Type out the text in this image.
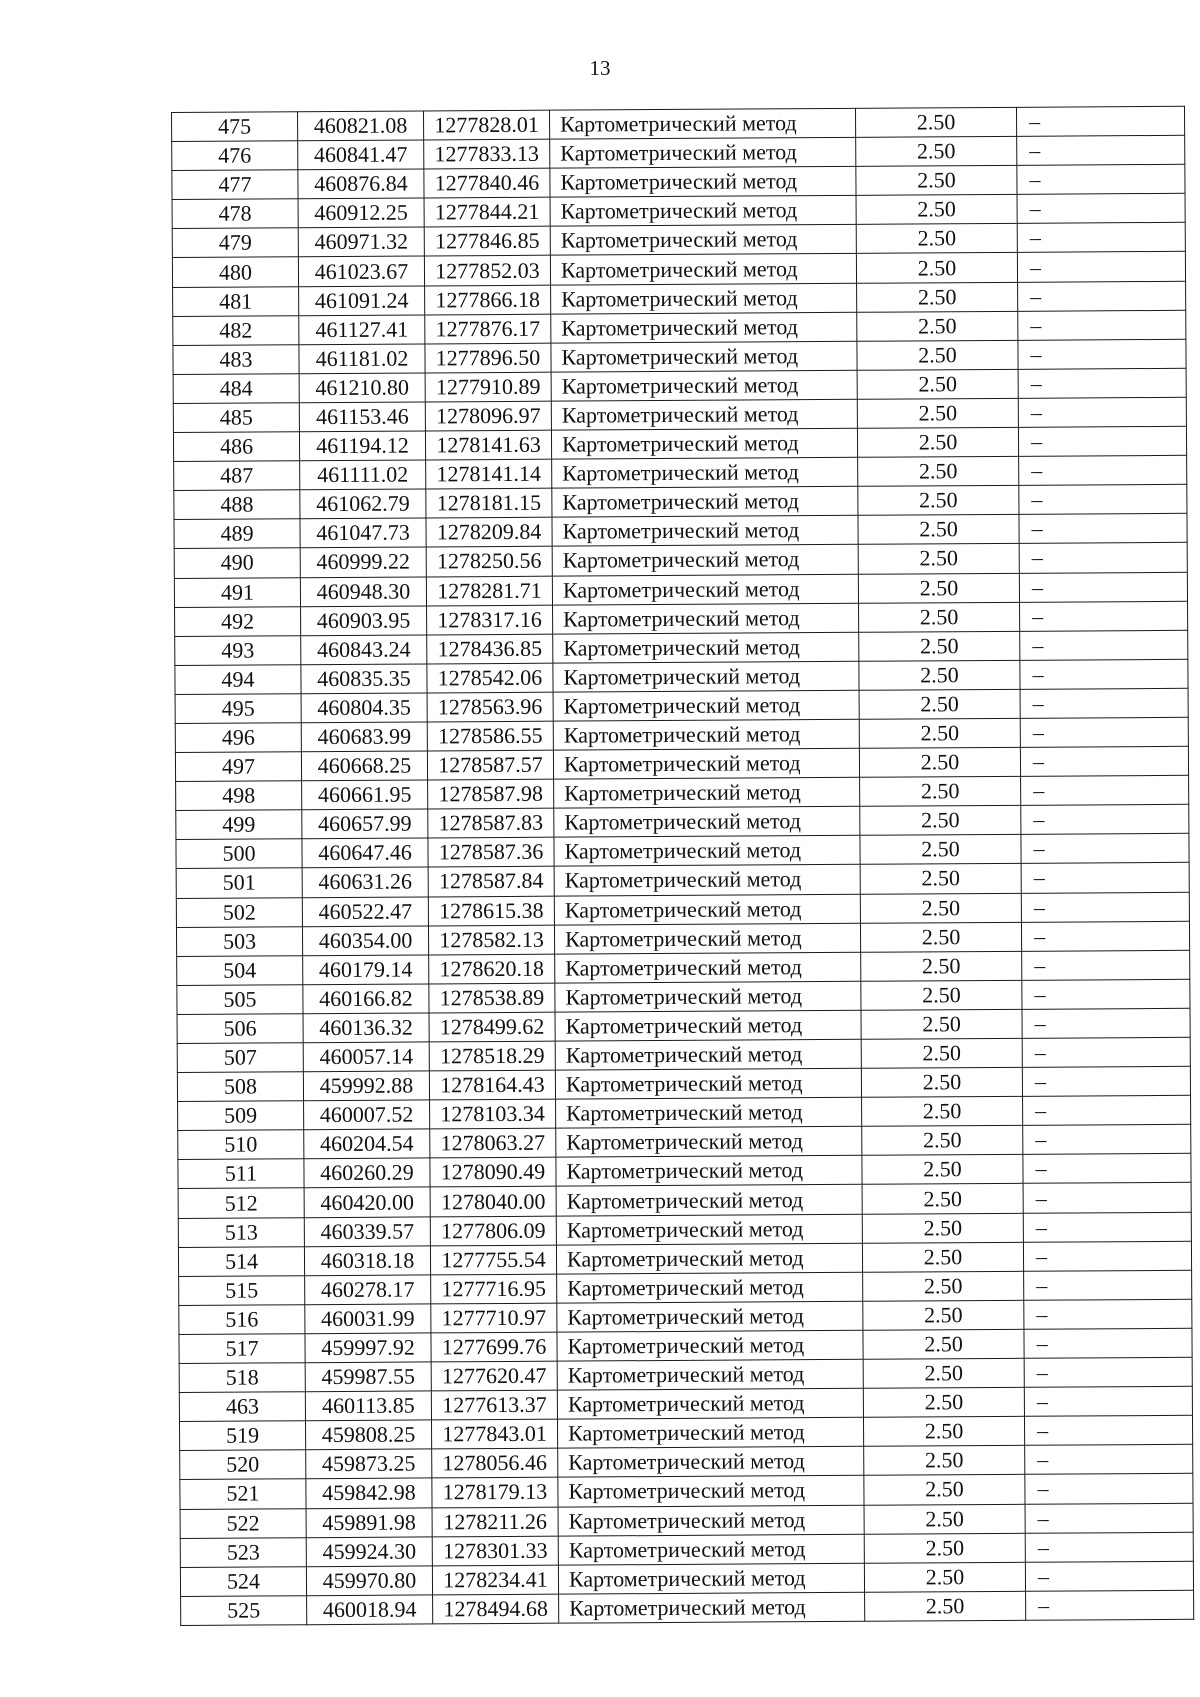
13
475	460821.08	1277828.01	Картометрический метод	2.50	–
476	460841.47	1277833.13	Картометрический метод	2.50	–
477	460876.84	1277840.46	Картометрический метод	2.50	–
478	460912.25	1277844.21	Картометрический метод	2.50	–
479	460971.32	1277846.85	Картометрический метод	2.50	–
480	461023.67	1277852.03	Картометрический метод	2.50	–
481	461091.24	1277866.18	Картометрический метод	2.50	–
482	461127.41	1277876.17	Картометрический метод	2.50	–
483	461181.02	1277896.50	Картометрический метод	2.50	–
484	461210.80	1277910.89	Картометрический метод	2.50	–
485	461153.46	1278096.97	Картометрический метод	2.50	–
486	461194.12	1278141.63	Картометрический метод	2.50	–
487	461111.02	1278141.14	Картометрический метод	2.50	–
488	461062.79	1278181.15	Картометрический метод	2.50	–
489	461047.73	1278209.84	Картометрический метод	2.50	–
490	460999.22	1278250.56	Картометрический метод	2.50	–
491	460948.30	1278281.71	Картометрический метод	2.50	–
492	460903.95	1278317.16	Картометрический метод	2.50	–
493	460843.24	1278436.85	Картометрический метод	2.50	–
494	460835.35	1278542.06	Картометрический метод	2.50	–
495	460804.35	1278563.96	Картометрический метод	2.50	–
496	460683.99	1278586.55	Картометрический метод	2.50	–
497	460668.25	1278587.57	Картометрический метод	2.50	–
498	460661.95	1278587.98	Картометрический метод	2.50	–
499	460657.99	1278587.83	Картометрический метод	2.50	–
500	460647.46	1278587.36	Картометрический метод	2.50	–
501	460631.26	1278587.84	Картометрический метод	2.50	–
502	460522.47	1278615.38	Картометрический метод	2.50	–
503	460354.00	1278582.13	Картометрический метод	2.50	–
504	460179.14	1278620.18	Картометрический метод	2.50	–
505	460166.82	1278538.89	Картометрический метод	2.50	–
506	460136.32	1278499.62	Картометрический метод	2.50	–
507	460057.14	1278518.29	Картометрический метод	2.50	–
508	459992.88	1278164.43	Картометрический метод	2.50	–
509	460007.52	1278103.34	Картометрический метод	2.50	–
510	460204.54	1278063.27	Картометрический метод	2.50	–
511	460260.29	1278090.49	Картометрический метод	2.50	–
512	460420.00	1278040.00	Картометрический метод	2.50	–
513	460339.57	1277806.09	Картометрический метод	2.50	–
514	460318.18	1277755.54	Картометрический метод	2.50	–
515	460278.17	1277716.95	Картометрический метод	2.50	–
516	460031.99	1277710.97	Картометрический метод	2.50	–
517	459997.92	1277699.76	Картометрический метод	2.50	–
518	459987.55	1277620.47	Картометрический метод	2.50	–
463	460113.85	1277613.37	Картометрический метод	2.50	–
519	459808.25	1277843.01	Картометрический метод	2.50	–
520	459873.25	1278056.46	Картометрический метод	2.50	–
521	459842.98	1278179.13	Картометрический метод	2.50	–
522	459891.98	1278211.26	Картометрический метод	2.50	–
523	459924.30	1278301.33	Картометрический метод	2.50	–
524	459970.80	1278234.41	Картометрический метод	2.50	–
525	460018.94	1278494.68	Картометрический метод	2.50	–
